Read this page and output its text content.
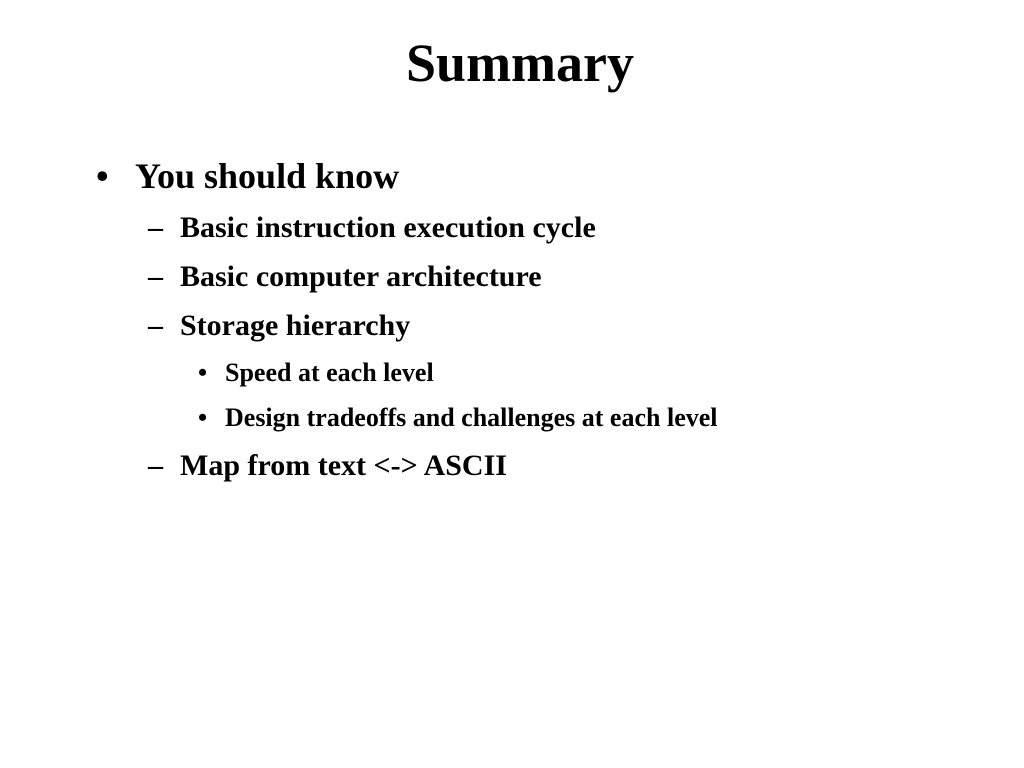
Summary
• You should know
– Basic instruction execution cycle
– Basic computer architecture
– Storage hierarchy
• Speed at each level
• Design tradeoffs and challenges at each level
– Map from text <-> ASCII
